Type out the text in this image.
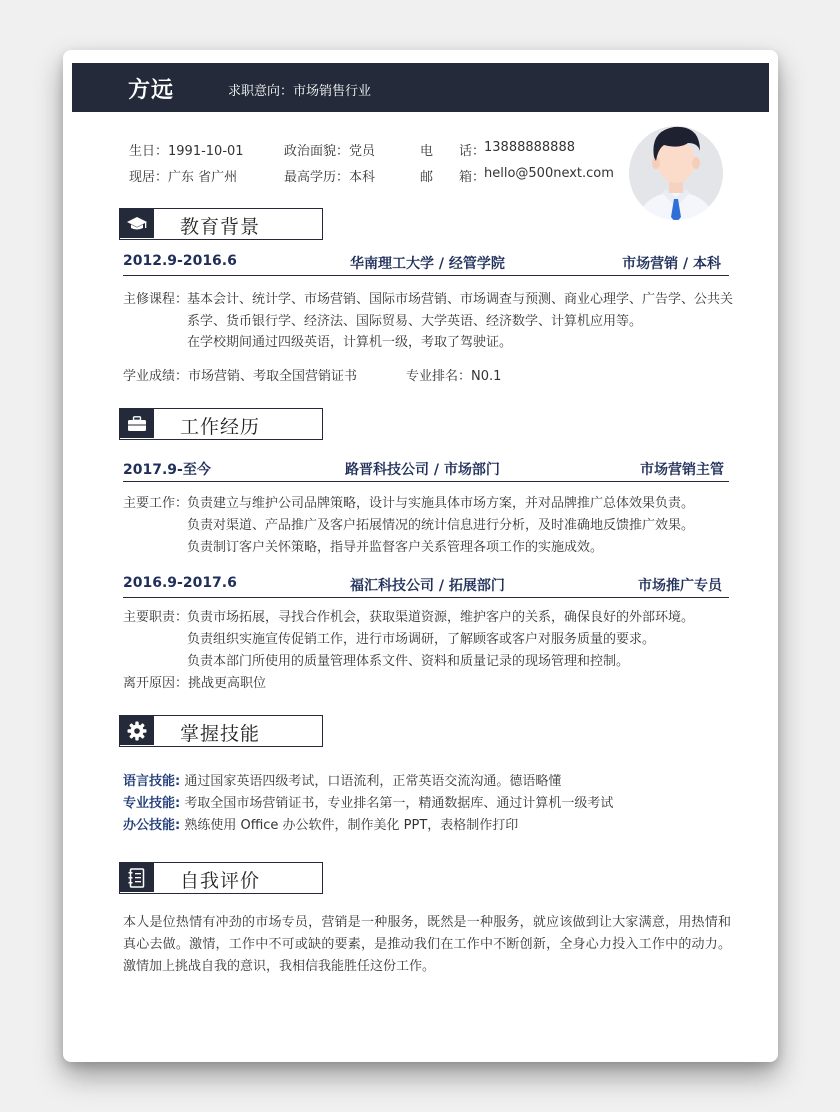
方远	求职意向：市场销售行业
生日：1991-10-01	政治面貌：党员	电　　话：
13888888888
现居：广东 省广州	最高学历：本科	邮　　箱：
hello@500next.com
教育背景
2012.9-2016.6	华南理工大学 / 经管学院	市场营销 / 本科
主修课程：
基本会计、统计学、市场营销、国际市场营销、市场调查与预测、商业心理学、广告学、公共关
系学、货币银行学、经济法、国际贸易、大学英语、经济数学、计算机应用等。
在学校期间通过四级英语，计算机一级，考取了驾驶证。
学业成绩：市场营销、考取全国营销证书	专业排名：N0.1
工作经历
2017.9-至今	路晋科技公司 / 市场部门	市场营销主管
主要工作：
负责建立与维护公司品牌策略，设计与实施具体市场方案，并对品牌推广总体效果负责。
负责对渠道、产品推广及客户拓展情况的统计信息进行分析，及时准确地反馈推广效果。
负责制订客户关怀策略，指导并监督客户关系管理各项工作的实施成效。
2016.9-2017.6	福汇科技公司 / 拓展部门	市场推广专员
主要职责：
负责市场拓展，寻找合作机会，获取渠道资源，维护客户的关系，确保良好的外部环境。
负责组织实施宣传促销工作，进行市场调研，了解顾客或客户对服务质量的要求。
负责本部门所使用的质量管理体系文件、资料和质量记录的现场管理和控制。
离开原因：挑战更高职位
掌握技能
语言技能: 通过国家英语四级考试，口语流利，正常英语交流沟通。德语略懂
专业技能: 考取全国市场营销证书，专业排名第一，精通数据库、通过计算机一级考试
办公技能: 熟练使用 Office 办公软件，制作美化 PPT，表格制作打印
自我评价
本人是位热情有冲劲的市场专员，营销是一种服务，既然是一种服务，就应该做到让大家满意，用热情和真心去做。激情，工作中不可或缺的要素，是推动我们在工作中不断创新，全身心力投入工作中的动力。激情加上挑战自我的意识，我相信我能胜任这份工作。
